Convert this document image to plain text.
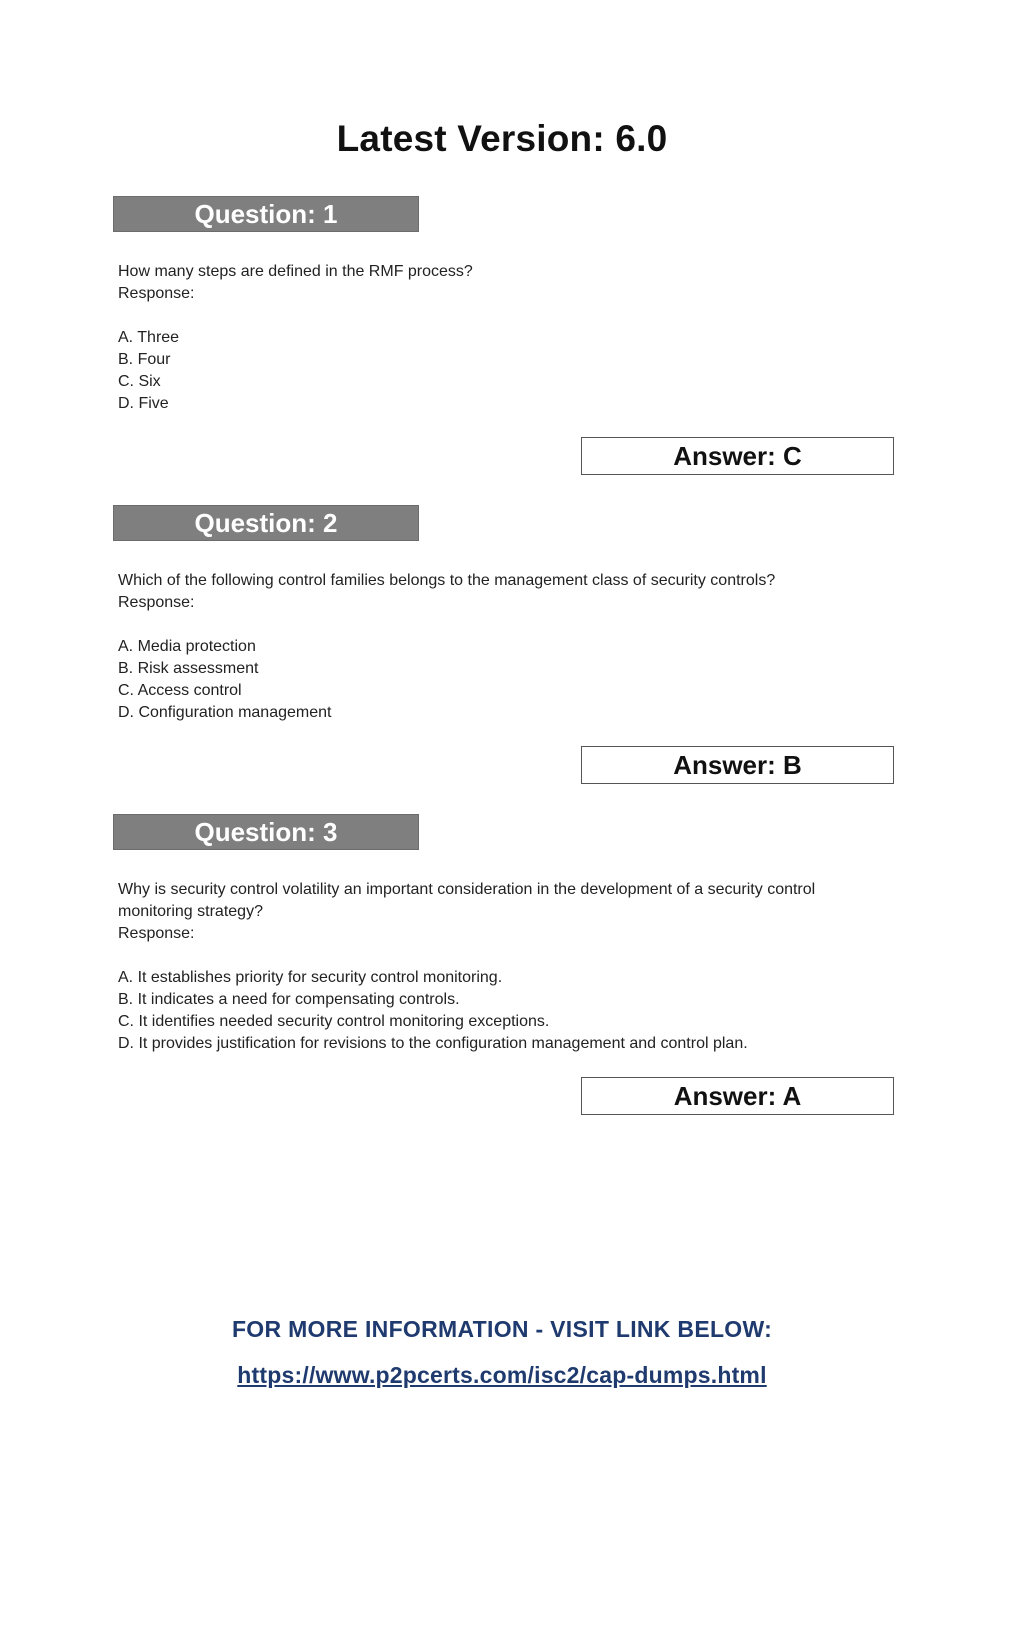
Latest Version: 6.0
Question: 1
How many steps are defined in the RMF process?
Response:
A. Three
B. Four
C. Six
D. Five
Answer: C
Question: 2
Which of the following control families belongs to the management class of security controls?
Response:
A. Media protection
B. Risk assessment
C. Access control
D. Configuration management
Answer: B
Question: 3
Why is security control volatility an important consideration in the development of a security control
monitoring strategy?
Response:
A. It establishes priority for security control monitoring.
B. It indicates a need for compensating controls.
C. It identifies needed security control monitoring exceptions.
D. It provides justification for revisions to the configuration management and control plan.
Answer: A
FOR MORE INFORMATION - VISIT LINK BELOW:
https://www.p2pcerts.com/isc2/cap-dumps.html
